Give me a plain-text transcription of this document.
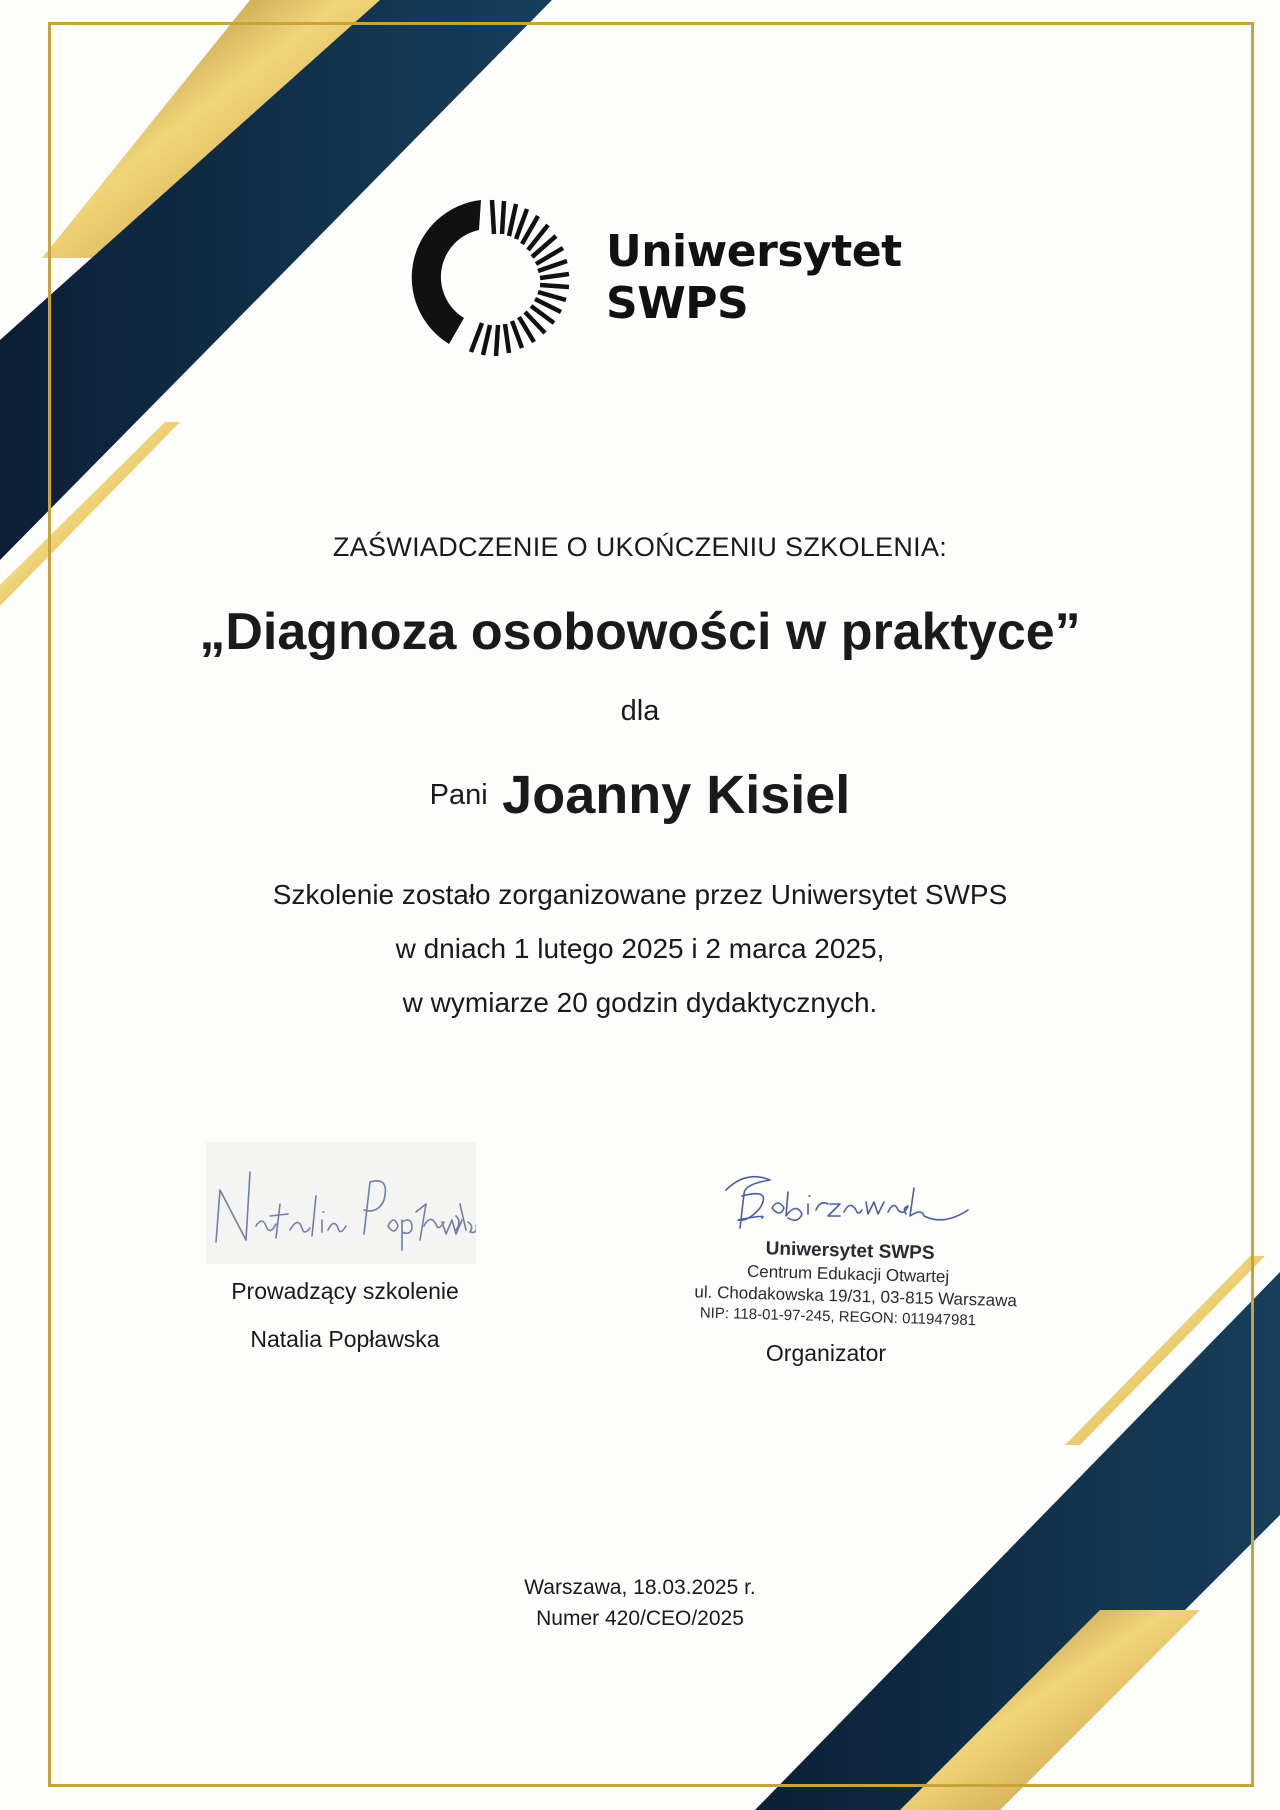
Uniwersytet
SWPS
ZAŚWIADCZENIE O UKOŃCZENIU SZKOLENIA:
„Diagnoza osobowości w praktyce”
dla
Pani Joanny Kisiel
Szkolenie zostało zorganizowane przez Uniwersytet SWPS
w dniach 1 lutego 2025 i 2 marca 2025,
w wymiarze 20 godzin dydaktycznych.
Prowadzący szkolenie
Natalia Popławska
Uniwersytet SWPS
Centrum Edukacji Otwartej
ul. Chodakowska 19/31, 03-815 Warszawa
NIP: 118-01-97-245, REGON: 011947981
Organizator
Warszawa, 18.03.2025 r.
Numer 420/CEO/2025
